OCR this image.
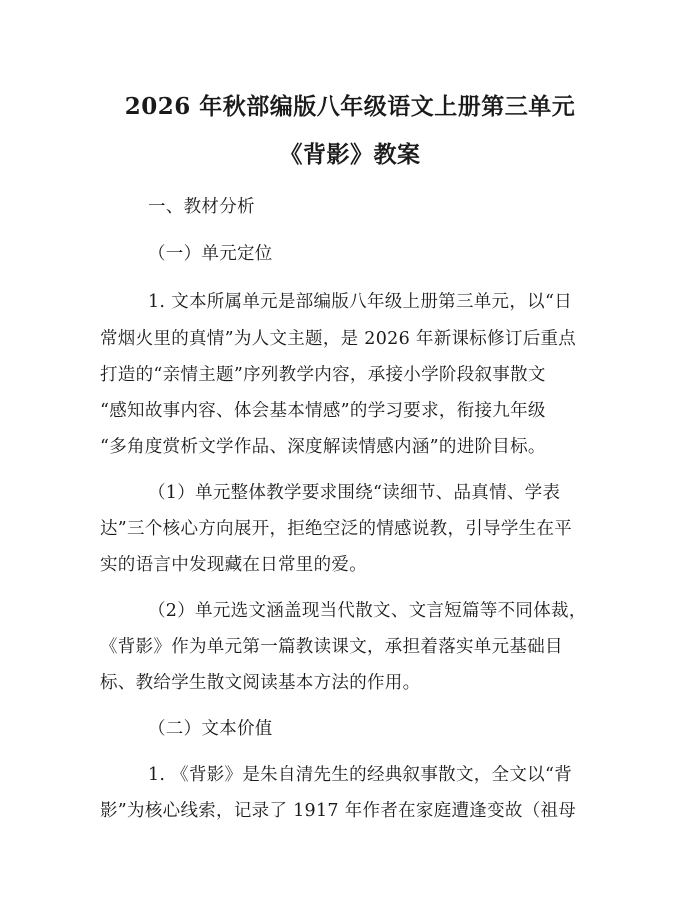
2026 年秋部编版八年级语文上册第三单元
《背影》教案
一、教材分析
（一）单元定位
1. 文本所属单元是部编版八年级上册第三单元，以“日
常烟火里的真情”为人文主题，是 2026 年新课标修订后重点
打造的“亲情主题”序列教学内容，承接小学阶段叙事散文
“感知故事内容、体会基本情感”的学习要求，衔接九年级
“多角度赏析文学作品、深度解读情感内涵”的进阶目标。
（1）单元整体教学要求围绕“读细节、品真情、学表
达”三个核心方向展开，拒绝空泛的情感说教，引导学生在平
实的语言中发现藏在日常里的爱。
（2）单元选文涵盖现当代散文、文言短篇等不同体裁，
《背影》作为单元第一篇教读课文，承担着落实单元基础目
标、教给学生散文阅读基本方法的作用。
（二）文本价值
1. 《背影》是朱自清先生的经典叙事散文，全文以“背
影”为核心线索，记录了 1917 年作者在家庭遭逢变故（祖母
